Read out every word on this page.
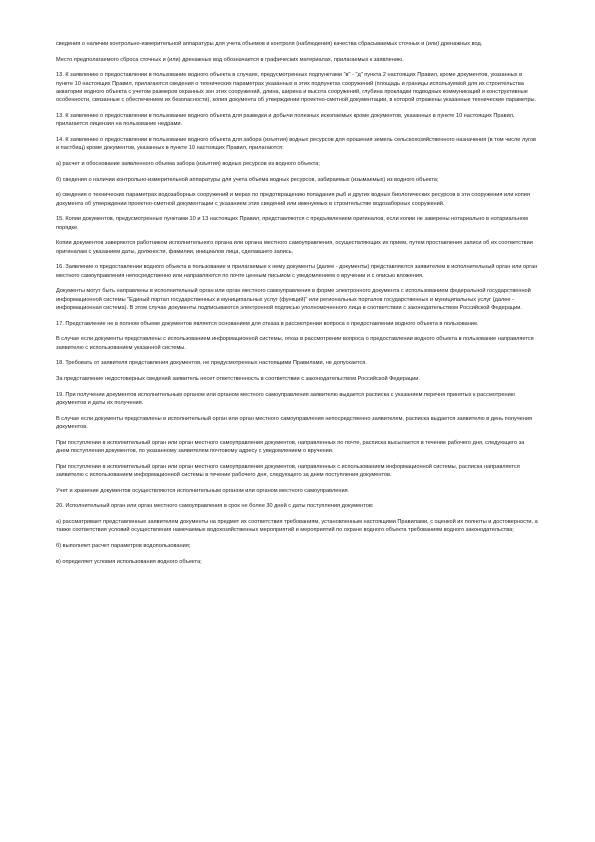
сведения о наличии контрольно-измерительной аппаратуры для учета объемов и контроля (наблюдения) качества сбрасываемых сточных и (или) дренажных вод.

Место предполагаемого сброса сточных и (или) дренажных вод обозначается в графических материалах, прилагаемых к заявлению.

13. К заявлению о предоставлении в пользование водного объекта в случаях, предусмотренных подпунктами "в" - "д" пункта 2 настоящих Правил, кроме документов, указанных в пункте 10 настоящих Правил, прилагаются сведения о технических параметрах указанных в этих подпунктах сооружений (площадь и границы используемой для их строительства акватории водного объекта с учетом размеров охранных зон этих сооружений, длина, ширина и высота сооружений, глубина прокладки подводных коммуникаций и конструктивные особенности, связанные с обеспечением их безопасности), копия документа об утверждении проектно-сметной документации, в которой отражены указанные технические параметры.

13. К заявлению о предоставлении в пользование водного объекта для разведки и добычи полезных ископаемых кроме документов, указанных в пункте 10 настоящих Правил, прилагается лицензия на пользование недрами.

14. К заявлению о предоставлении в пользование водного объекта для забора (изъятия) водных ресурсов для орошения земель сельскохозяйственного назначения (в том числе лугов и пастбищ) кроме документов, указанных в пункте 10 настоящих Правил, прилагаются:

а) расчет и обоснование заявленного объема забора (изъятия) водных ресурсов из водного объекта;

б) сведения о наличии контрольно-измерительной аппаратуры для учета объема водных ресурсов, забираемых (изымаемых) из водного объекта;

в) сведения о технических параметрах водозаборных сооружений и мерах по предотвращению попадания рыб и других водных биологических ресурсов в эти сооружения или копия документа об утверждении проектно-сметной документации с указанием этих сведений или именуемых в строительстве водозаборных сооружений.

15. Копии документов, предусмотренных пунктами 10 и 13 настоящих Правил, представляются с предъявлением оригиналов, если копии не заверены нотариально в нотариальном порядке.

Копии документов заверяются работником исполнительного органа или органа местного самоуправления, осуществляющих их прием, путем проставления записи об их соответствии оригиналам с указанием даты, должности, фамилии, инициалов лица, сделавшего запись.

16. Заявление о предоставлении водного объекта в пользование и прилагаемые к нему документы (далее - документы) представляются заявителем в исполнительный орган или орган местного самоуправления непосредственно или направляются по почте ценным письмом с уведомлением о вручении и с описью вложения.

Документы могут быть направлены в исполнительный орган или орган местного самоуправления в форме электронного документа с использованием федеральной государственной информационной системы "Единый портал государственных и муниципальных услуг (функций)" или региональных порталов государственных и муниципальных услуг (далее - информационная система). В этом случае документы подписываются электронной подписью уполномоченного лица в соответствии с законодательством Российской Федерации.

17. Представление не в полном объеме документов является основанием для отказа в рассмотрении вопроса о предоставлении водного объекта в пользование.

В случае если документы представлены с использованием информационной системы, отказ в рассмотрении вопроса о предоставлении водного объекта в пользование направляется заявителю с использованием указанной системы.

18. Требовать от заявителя представления документов, не предусмотренных настоящими Правилами, не допускается.

За представление недостоверных сведений заявитель несет ответственность в соответствии с законодательством Российской Федерации.

19. При получении документов исполнительным органом или органом местного самоуправления заявителю выдается расписка с указанием перечня принятых к рассмотрению документов и даты их получения.

В случае если документы представлены в исполнительный орган или орган местного самоуправления непосредственно заявителем, расписка выдается заявителю в день получения документов.

При поступлении в исполнительный орган или орган местного самоуправления документов, направленных по почте, расписка высылается в течение рабочего дня, следующего за днем поступления документов, по указанному заявителем почтовому адресу с уведомлением о вручении.

При поступлении в исполнительный орган или орган местного самоуправления документов, направленных с использованием информационной системы, расписка направляется заявителю с использованием информационной системы в течение рабочего дня, следующего за днем поступления документов.

Учет и хранение документов осуществляются исполнительным органом или органом местного самоуправления.

20. Исполнительный орган или орган местного самоуправления в срок не более 30 дней с даты поступления документов:

а) рассматривает представленные заявителем документы на предмет их соответствия требованиям, установленным настоящими Правилами, с оценкой их полноты и достоверности, а также соответствия условий осуществления намечаемых водохозяйственных мероприятий и мероприятий по охране водного объекта требованиям водного законодательства;

б) выполняет расчет параметров водопользования;

в) определяет условия использования водного объекта;
